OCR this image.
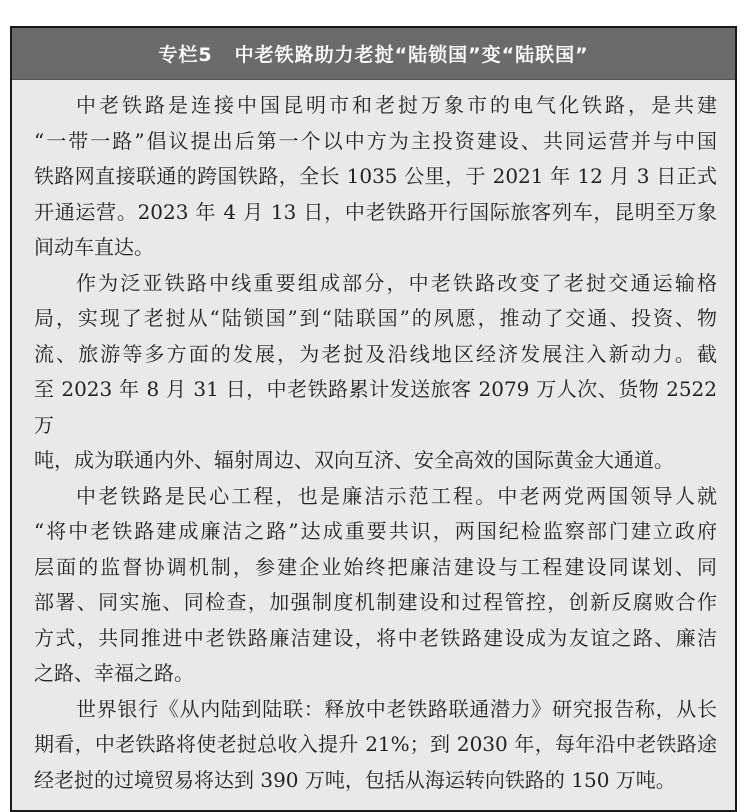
专栏5 中老铁路助力老挝“陆锁国”变“陆联国”
中老铁路是连接中国昆明市和老挝万象市的电气化铁路，是共建
“一带一路”倡议提出后第一个以中方为主投资建设、共同运营并与中国
铁路网直接联通的跨国铁路，全长 1035 公里，于 2021 年 12 月 3 日正式
开通运营。2023 年 4 月 13 日，中老铁路开行国际旅客列车，昆明至万象
间动车直达。
作为泛亚铁路中线重要组成部分，中老铁路改变了老挝交通运输格
局，实现了老挝从“陆锁国”到“陆联国”的夙愿，推动了交通、投资、物
流、旅游等多方面的发展，为老挝及沿线地区经济发展注入新动力。截
至 2023 年 8 月 31 日，中老铁路累计发送旅客 2079 万人次、货物 2522 万
吨，成为联通内外、辐射周边、双向互济、安全高效的国际黄金大通道。
中老铁路是民心工程，也是廉洁示范工程。中老两党两国领导人就
“将中老铁路建成廉洁之路”达成重要共识，两国纪检监察部门建立政府
层面的监督协调机制，参建企业始终把廉洁建设与工程建设同谋划、同
部署、同实施、同检查，加强制度机制建设和过程管控，创新反腐败合作
方式，共同推进中老铁路廉洁建设，将中老铁路建设成为友谊之路、廉洁
之路、幸福之路。
世界银行《从内陆到陆联：释放中老铁路联通潜力》研究报告称，从长
期看，中老铁路将使老挝总收入提升 21%；到 2030 年，每年沿中老铁路途
经老挝的过境贸易将达到 390 万吨，包括从海运转向铁路的 150 万吨。
